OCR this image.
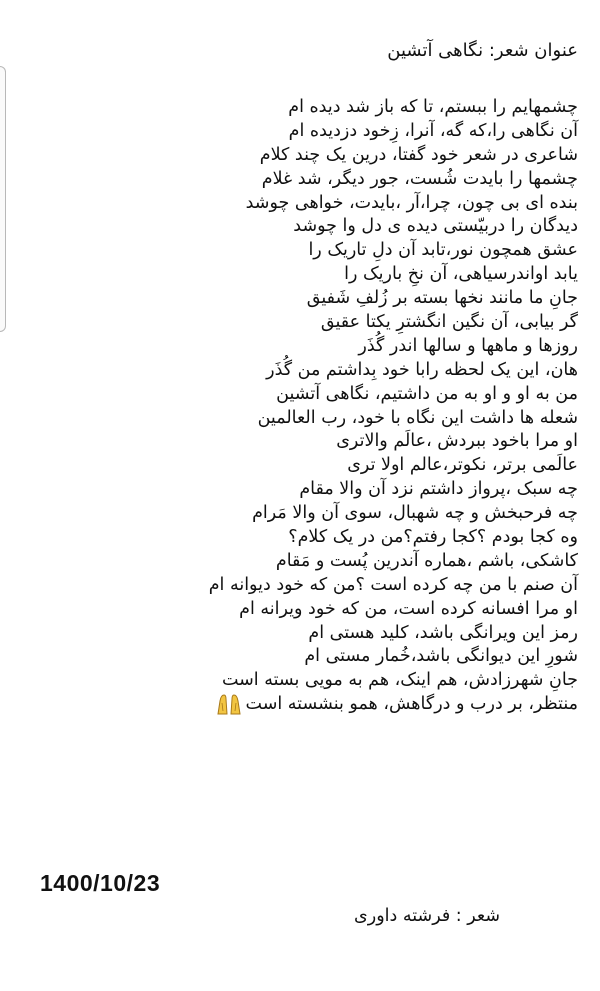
عنوان شعر: نگاهی آتشین
چشمهایم را ببستم، تا که باز شد دیده ام
آن نگاهی را،که گه، آنرا، زِخود دزدیده ام
شاعری در شعر خود گفتا، درین یک چند کلام
چشمها را بایدت شُست، جور دیگر، شد غلام
بنده ای بی چون، چرا،آر ،بایدت، خواهی چوشد
دیدگان را دربیّستی دیده ی دل وا چوشد
عشق همچون نور،تابد آن دلِ تاریک را
یابد اواندرسیاهی، آن نخِ باریک را
جانِ ما مانند نخها بسته بر زُلفِ شَفیق
گر بیابی، آن نگین انگشترِ یکتا عقیق
روزها و ماهها و سالها اندر گُذَر
هان، این یک لحظه رابا خود بِداشتم من گُذَر
من به او و او به من داشتیم، نگاهی آتشین
شعله ها داشت این نگاه با خود، رب العالمین
او مرا باخود ببردش ،عالَم والاتری
عالَمی برتر، نکوتر،عالم اولا تری
چه سبک ،پرواز داشتم نزد آن والا مقام
چه فرحبخش و چه شهبال، سوی آن والا مَرام
وه کجا بودم ؟کجا رفتم؟من در یک کلام؟
کاشکی، باشم ،هماره آندرین پُست و مَقام
آن صنم با من چه کرده است ؟من که خود دیوانه ام
او مرا افسانه کرده است، من که خود ویرانه ام
رمز این ویرانگی باشد، کلید هستی ام
شورِ این دیوانگی باشد،خُمار مستی ام
جانِ شهرزادش، هم اینک، هم به مویی بسته است
منتظر، بر درب و درگاهش، همو بنشسته است
1400/10/23
شعر : فرشته داوری
